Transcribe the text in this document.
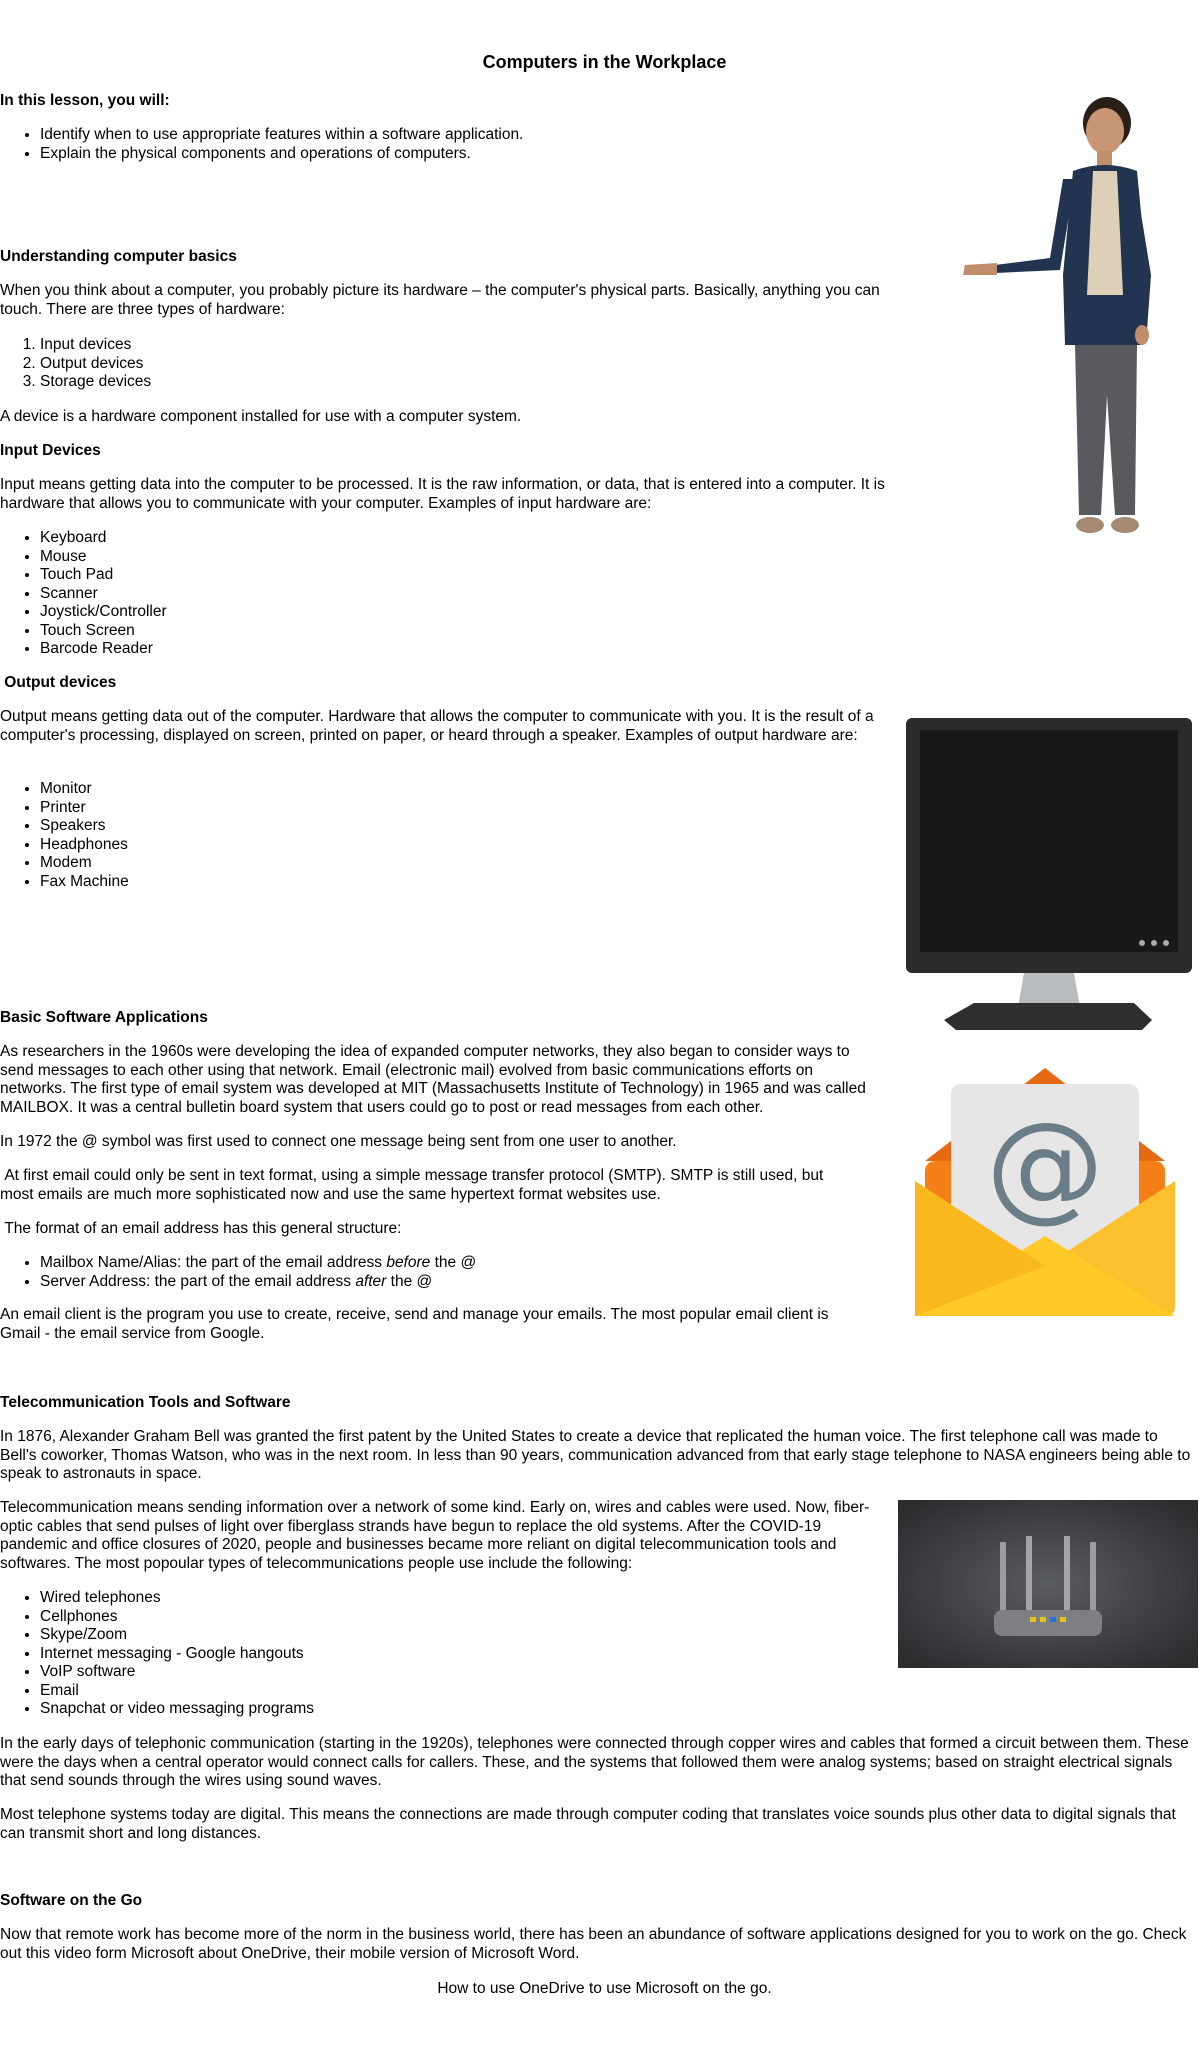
Computers in the Workplace

In this lesson, you will:

• Identify when to use appropriate features within a software application.
• Explain the physical components and operations of computers.

Understanding computer basics

When you think about a computer, you probably picture its hardware – the computer's physical parts. Basically, anything you can touch. There are three types of hardware:

1. Input devices
2. Output devices
3. Storage devices

A device is a hardware component installed for use with a computer system.

Input Devices

Input means getting data into the computer to be processed. It is the raw information, or data, that is entered into a computer. It is hardware that allows you to communicate with your computer. Examples of input hardware are:

• Keyboard
• Mouse
• Touch Pad
• Scanner
• Joystick/Controller
• Touch Screen
• Barcode Reader

Output devices

Output means getting data out of the computer. Hardware that allows the computer to communicate with you. It is the result of a computer's processing, displayed on screen, printed on paper, or heard through a speaker. Examples of output hardware are:

• Monitor
• Printer
• Speakers
• Headphones
• Modem
• Fax Machine

Basic Software Applications

As researchers in the 1960s were developing the idea of expanded computer networks, they also began to consider ways to send messages to each other using that network. Email (electronic mail) evolved from basic communications efforts on networks. The first type of email system was developed at MIT (Massachusetts Institute of Technology) in 1965 and was called MAILBOX. It was a central bulletin board system that users could go to post or read messages from each other.

In 1972 the @ symbol was first used to connect one message being sent from one user to another.

At first email could only be sent in text format, using a simple message transfer protocol (SMTP). SMTP is still used, but most emails are much more sophisticated now and use the same hypertext format websites use.

The format of an email address has this general structure:

• Mailbox Name/Alias: the part of the email address before the @
• Server Address: the part of the email address after the @

An email client is the program you use to create, receive, send and manage your emails. The most popular email client is Gmail - the email service from Google.

@

Telecommunication Tools and Software

In 1876, Alexander Graham Bell was granted the first patent by the United States to create a device that replicated the human voice. The first telephone call was made to Bell's coworker, Thomas Watson, who was in the next room. In less than 90 years, communication advanced from that early stage telephone to NASA engineers being able to speak to astronauts in space.

Telecommunication means sending information over a network of some kind. Early on, wires and cables were used. Now, fiber-optic cables that send pulses of light over fiberglass strands have begun to replace the old systems. After the COVID-19 pandemic and office closures of 2020, people and businesses became more reliant on digital telecommunication tools and softwares. The most popoular types of telecommunications people use include the following:

• Wired telephones
• Cellphones
• Skype/Zoom
• Internet messaging - Google hangouts
• VoIP software
• Email
• Snapchat or video messaging programs

In the early days of telephonic communication (starting in the 1920s), telephones were connected through copper wires and cables that formed a circuit between them. These were the days when a central operator would connect calls for callers. These, and the systems that followed them were analog systems; based on straight electrical signals that send sounds through the wires using sound waves.

Most telephone systems today are digital. This means the connections are made through computer coding that translates voice sounds plus other data to digital signals that can transmit short and long distances.

Software on the Go

Now that remote work has become more of the norm in the business world, there has been an abundance of software applications designed for you to work on the go. Check out this video form Microsoft about OneDrive, their mobile version of Microsoft Word.

How to use OneDrive to use Microsoft on the go.
